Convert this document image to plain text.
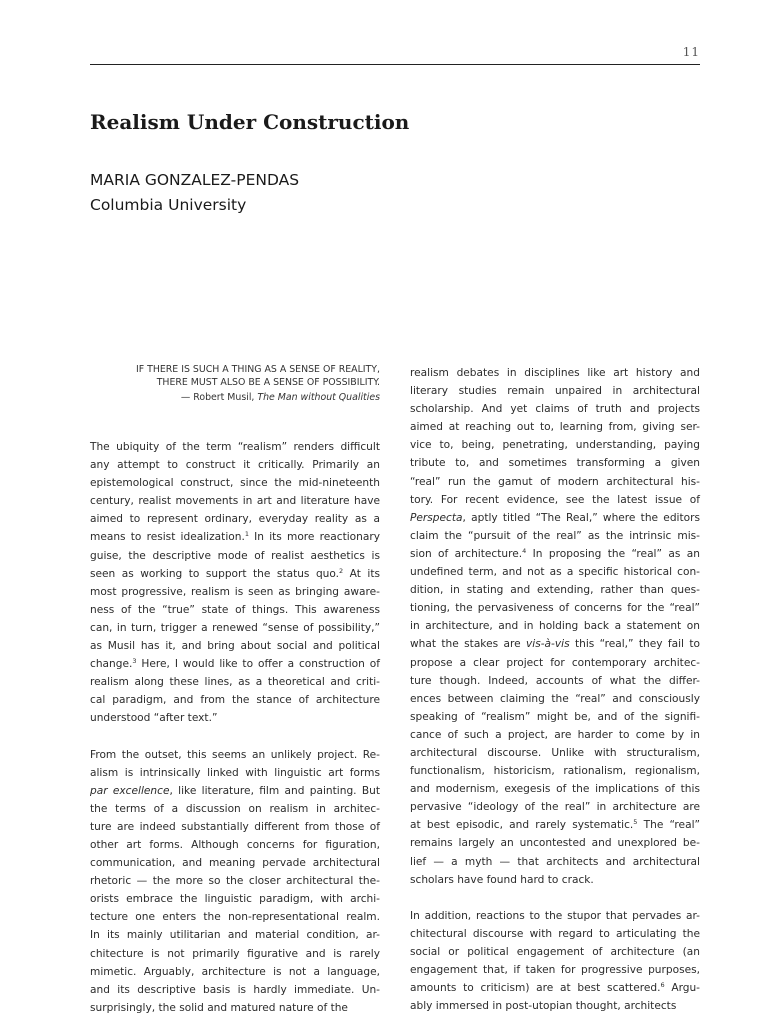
11
Realism Under Construction
MARIA GONZALEZ-PENDAS
Columbia University
IF THERE IS SUCH A THING AS A SENSE OF REALITY,
THERE MUST ALSO BE A SENSE OF POSSIBILITY.
— Robert Musil, The Man without Qualities
The ubiquity of the term “realism” renders difficult
any attempt to construct it critically. Primarily an
epistemological construct, since the mid-nineteenth
century, realist movements in art and literature have
aimed to represent ordinary, everyday reality as a
means to resist idealization.$^1$ In its more reactionary
guise, the descriptive mode of realist aesthetics is
seen as working to support the status quo.$^2$ At its
most progressive, realism is seen as bringing aware-
ness of the “true” state of things. This awareness
can, in turn, trigger a renewed “sense of possibility,”
as Musil has it, and bring about social and political
change.$^3$ Here, I would like to offer a construction of
realism along these lines, as a theoretical and criti-
cal paradigm, and from the stance of architecture
understood “after text.”
From the outset, this seems an unlikely project. Re-
alism is intrinsically linked with linguistic art forms
par excellence, like literature, film and painting. But
the terms of a discussion on realism in architec-
ture are indeed substantially different from those of
other art forms. Although concerns for figuration,
communication, and meaning pervade architectural
rhetoric — the more so the closer architectural the-
orists embrace the linguistic paradigm, with archi-
tecture one enters the non-representational realm.
In its mainly utilitarian and material condition, ar-
chitecture is not primarily figurative and is rarely
mimetic. Arguably, architecture is not a language,
and its descriptive basis is hardly immediate. Un-
surprisingly, the solid and matured nature of the
realism debates in disciplines like art history and
literary studies remain unpaired in architectural
scholarship. And yet claims of truth and projects
aimed at reaching out to, learning from, giving ser-
vice to, being, penetrating, understanding, paying
tribute to, and sometimes transforming a given
“real” run the gamut of modern architectural his-
tory. For recent evidence, see the latest issue of
Perspecta, aptly titled “The Real,” where the editors
claim the “pursuit of the real” as the intrinsic mis-
sion of architecture.$^4$ In proposing the “real” as an
undefined term, and not as a specific historical con-
dition, in stating and extending, rather than ques-
tioning, the pervasiveness of concerns for the “real”
in architecture, and in holding back a statement on
what the stakes are vis-à-vis this “real,” they fail to
propose a clear project for contemporary architec-
ture though. Indeed, accounts of what the differ-
ences between claiming the “real” and consciously
speaking of “realism” might be, and of the signifi-
cance of such a project, are harder to come by in
architectural discourse. Unlike with structuralism,
functionalism, historicism, rationalism, regionalism,
and modernism, exegesis of the implications of this
pervasive “ideology of the real” in architecture are
at best episodic, and rarely systematic.$^5$ The “real”
remains largely an uncontested and unexplored be-
lief — a myth — that architects and architectural
scholars have found hard to crack.
In addition, reactions to the stupor that pervades ar-
chitectural discourse with regard to articulating the
social or political engagement of architecture (an
engagement that, if taken for progressive purposes,
amounts to criticism) are at best scattered.$^6$ Argu-
ably immersed in post-utopian thought, architects
